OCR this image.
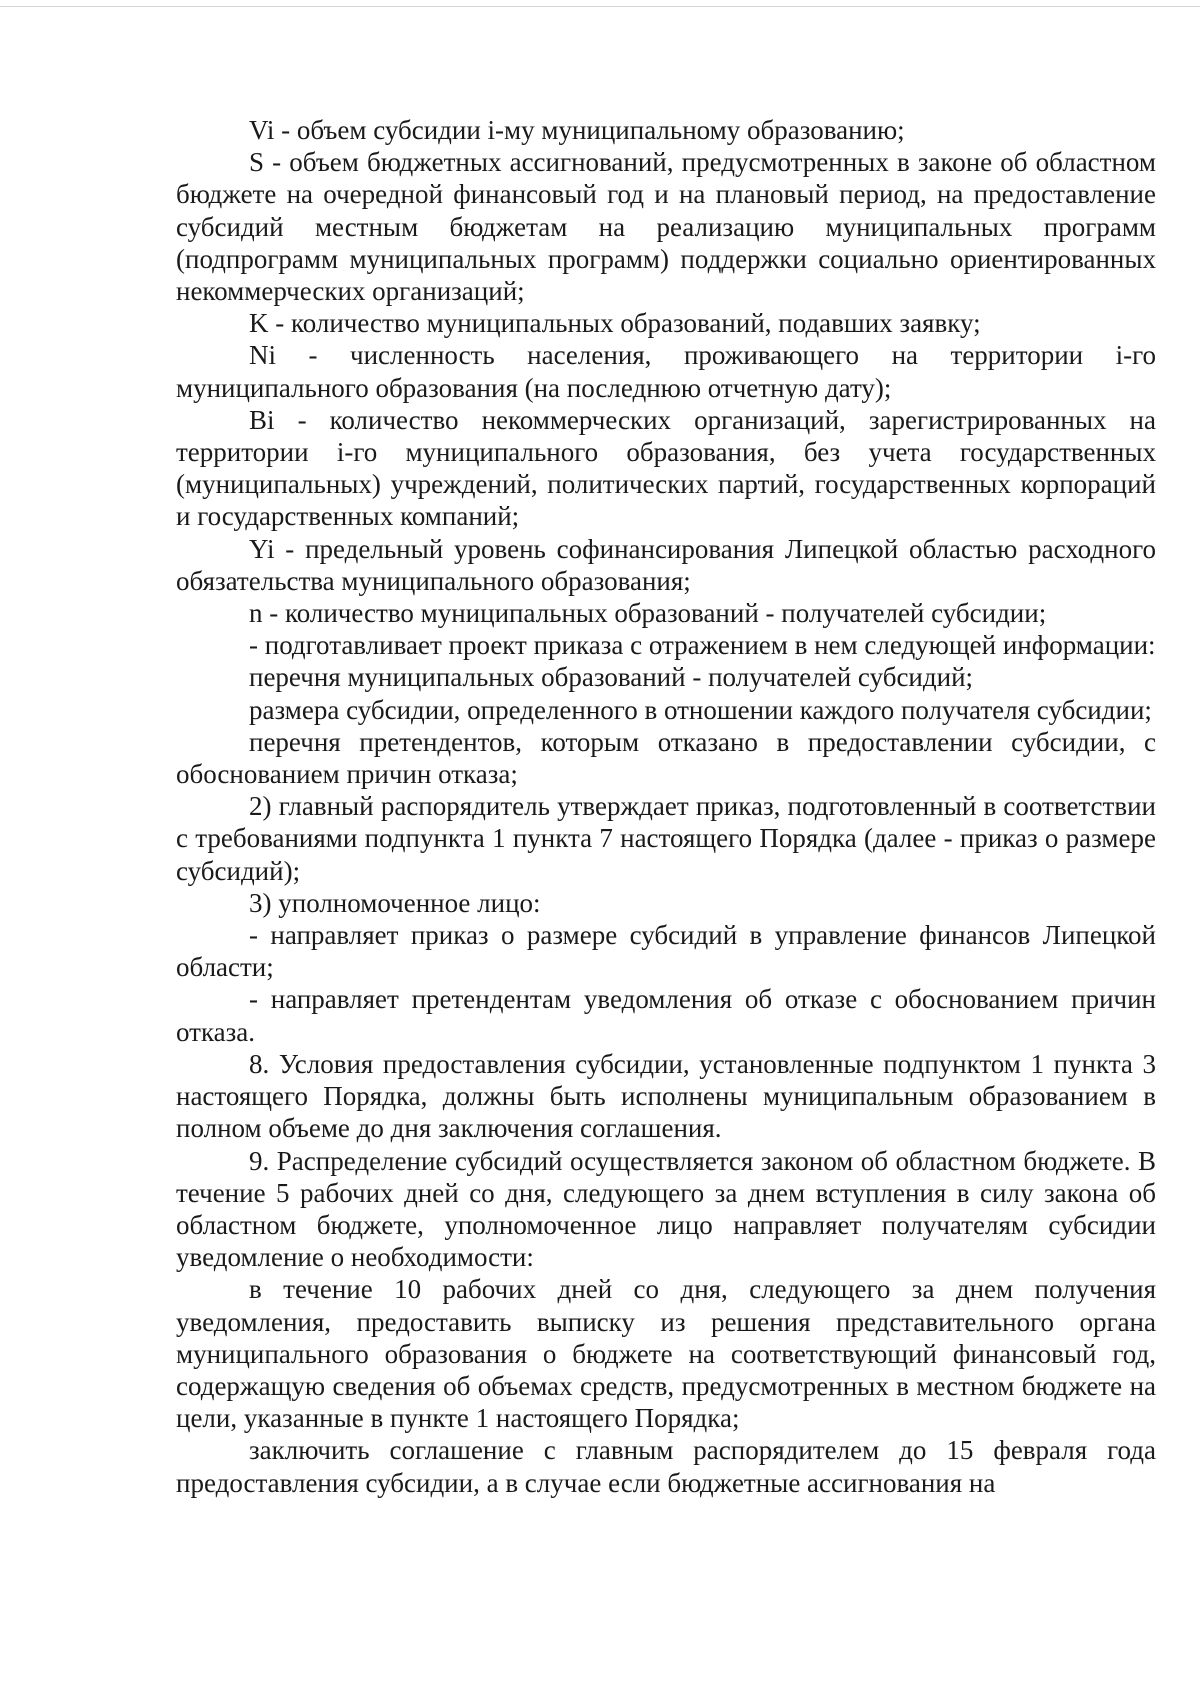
Vi - объем субсидии i-му муниципальному образованию;

S - объем бюджетных ассигнований, предусмотренных в законе об областном бюджете на очередной финансовый год и на плановый период, на предоставление субсидий местным бюджетам на реализацию муниципальных программ (подпрограмм муниципальных программ) поддержки социально ориентированных некоммерческих организаций;

K - количество муниципальных образований, подавших заявку;

Ni - численность населения, проживающего на территории i-го муниципального образования (на последнюю отчетную дату);

Bi - количество некоммерческих организаций, зарегистрированных на территории i-го муниципального образования, без учета государственных (муниципальных) учреждений, политических партий, государственных корпораций и государственных компаний;

Yi - предельный уровень софинансирования Липецкой областью расходного обязательства муниципального образования;

n - количество муниципальных образований - получателей субсидии;

- подготавливает проект приказа с отражением в нем следующей информации:

перечня муниципальных образований - получателей субсидий;

размера субсидии, определенного в отношении каждого получателя субсидии;

перечня претендентов, которым отказано в предоставлении субсидии, с обоснованием причин отказа;

2) главный распорядитель утверждает приказ, подготовленный в соответствии с требованиями подпункта 1 пункта 7 настоящего Порядка (далее - приказ о размере субсидий);

3) уполномоченное лицо:

- направляет приказ о размере субсидий в управление финансов Липецкой области;

- направляет претендентам уведомления об отказе с обоснованием причин отказа.

8. Условия предоставления субсидии, установленные подпунктом 1 пункта 3 настоящего Порядка, должны быть исполнены муниципальным образованием в полном объеме до дня заключения соглашения.

9. Распределение субсидий осуществляется законом об областном бюджете. В течение 5 рабочих дней со дня, следующего за днем вступления в силу закона об областном бюджете, уполномоченное лицо направляет получателям субсидии уведомление о необходимости:

в течение 10 рабочих дней со дня, следующего за днем получения уведомления, предоставить выписку из решения представительного органа муниципального образования о бюджете на соответствующий финансовый год, содержащую сведения об объемах средств, предусмотренных в местном бюджете на цели, указанные в пункте 1 настоящего Порядка;

заключить соглашение с главным распорядителем до 15 февраля года предоставления субсидии, а в случае если бюджетные ассигнования на
